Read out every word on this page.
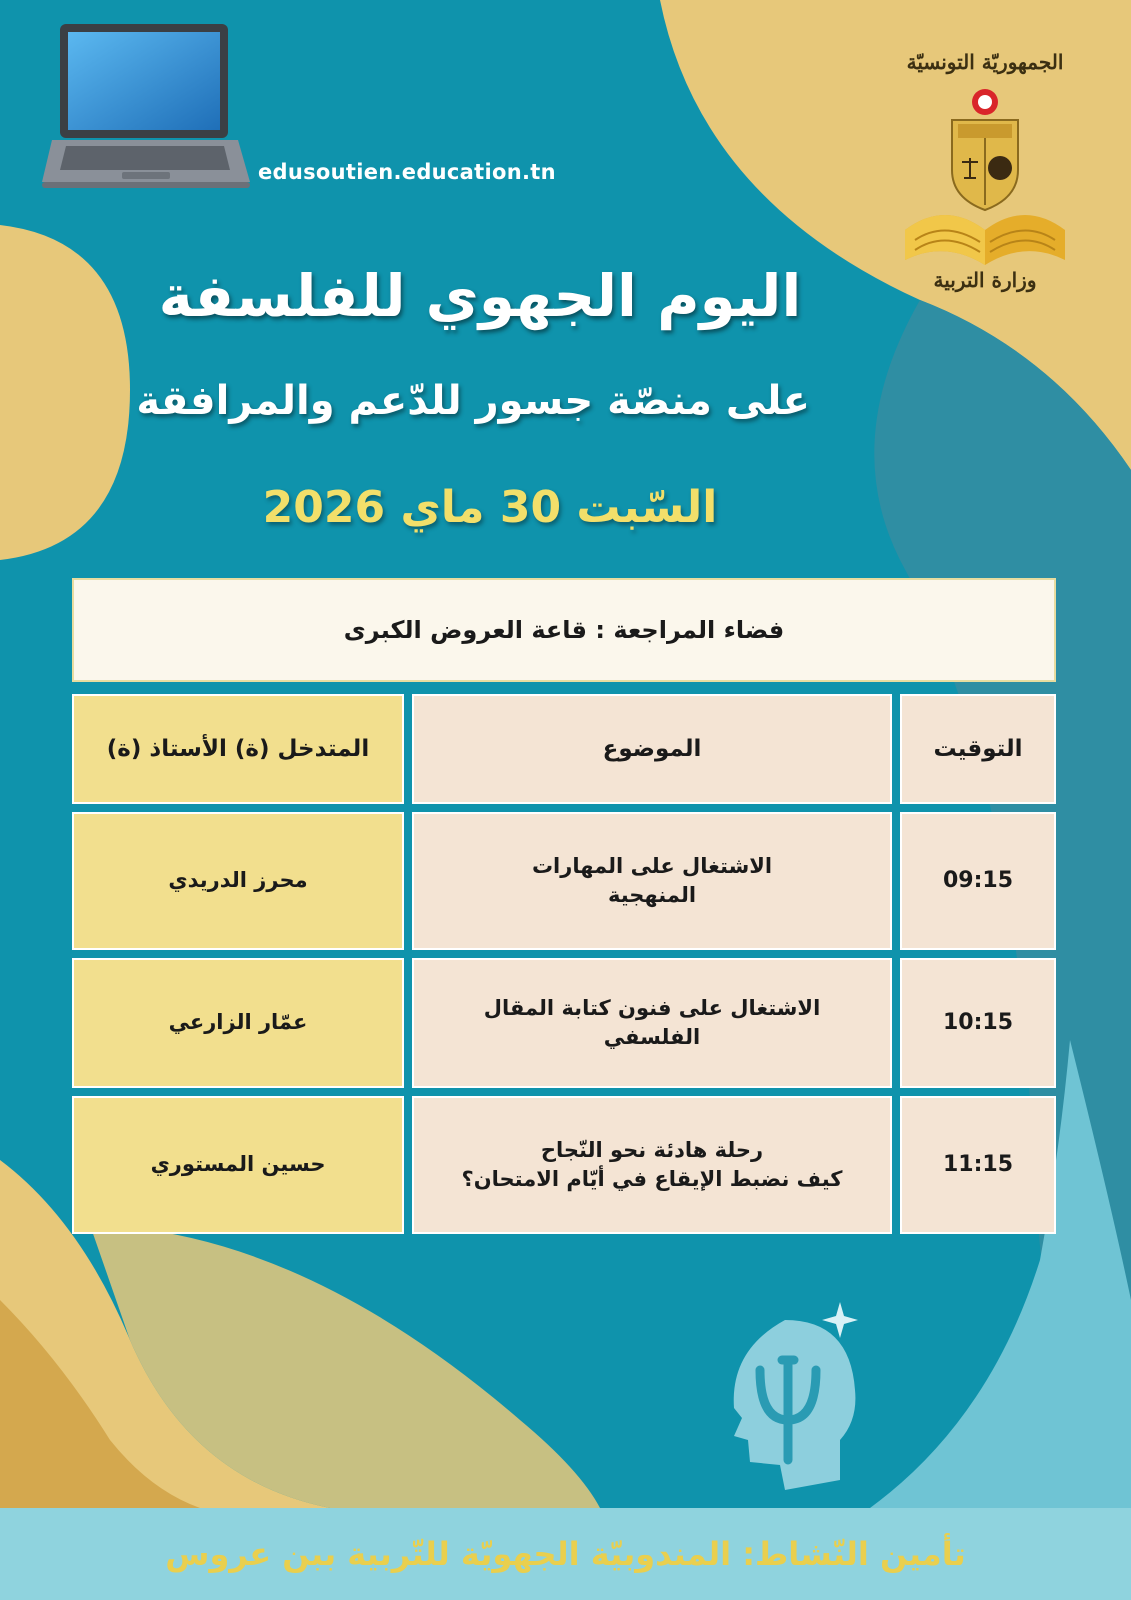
edusoutien.education.tn
الجمهوريّة التونسيّة
وزارة التربية
اليوم الجهوي للفلسفة
على منصّة جسور للدّعم والمرافقة
السّبت 30 ماي 2026
فضاء المراجعة : قاعة العروض الكبرى
التوقيت
الموضوع
المتدخل (ة) الأستاذ (ة)
09:15
الاشتغال على المهارات
المنهجية
محرز الدريدي
10:15
الاشتغال على فنون كتابة المقال
الفلسفي
عمّار الزارعي
11:15
رحلة هادئة نحو النّجاح
كيف نضبط الإيقاع في أيّام الامتحان؟
حسين المستوري
تأمين النّشاط: المندوبيّة الجهويّة للتّربية ببن عروس
